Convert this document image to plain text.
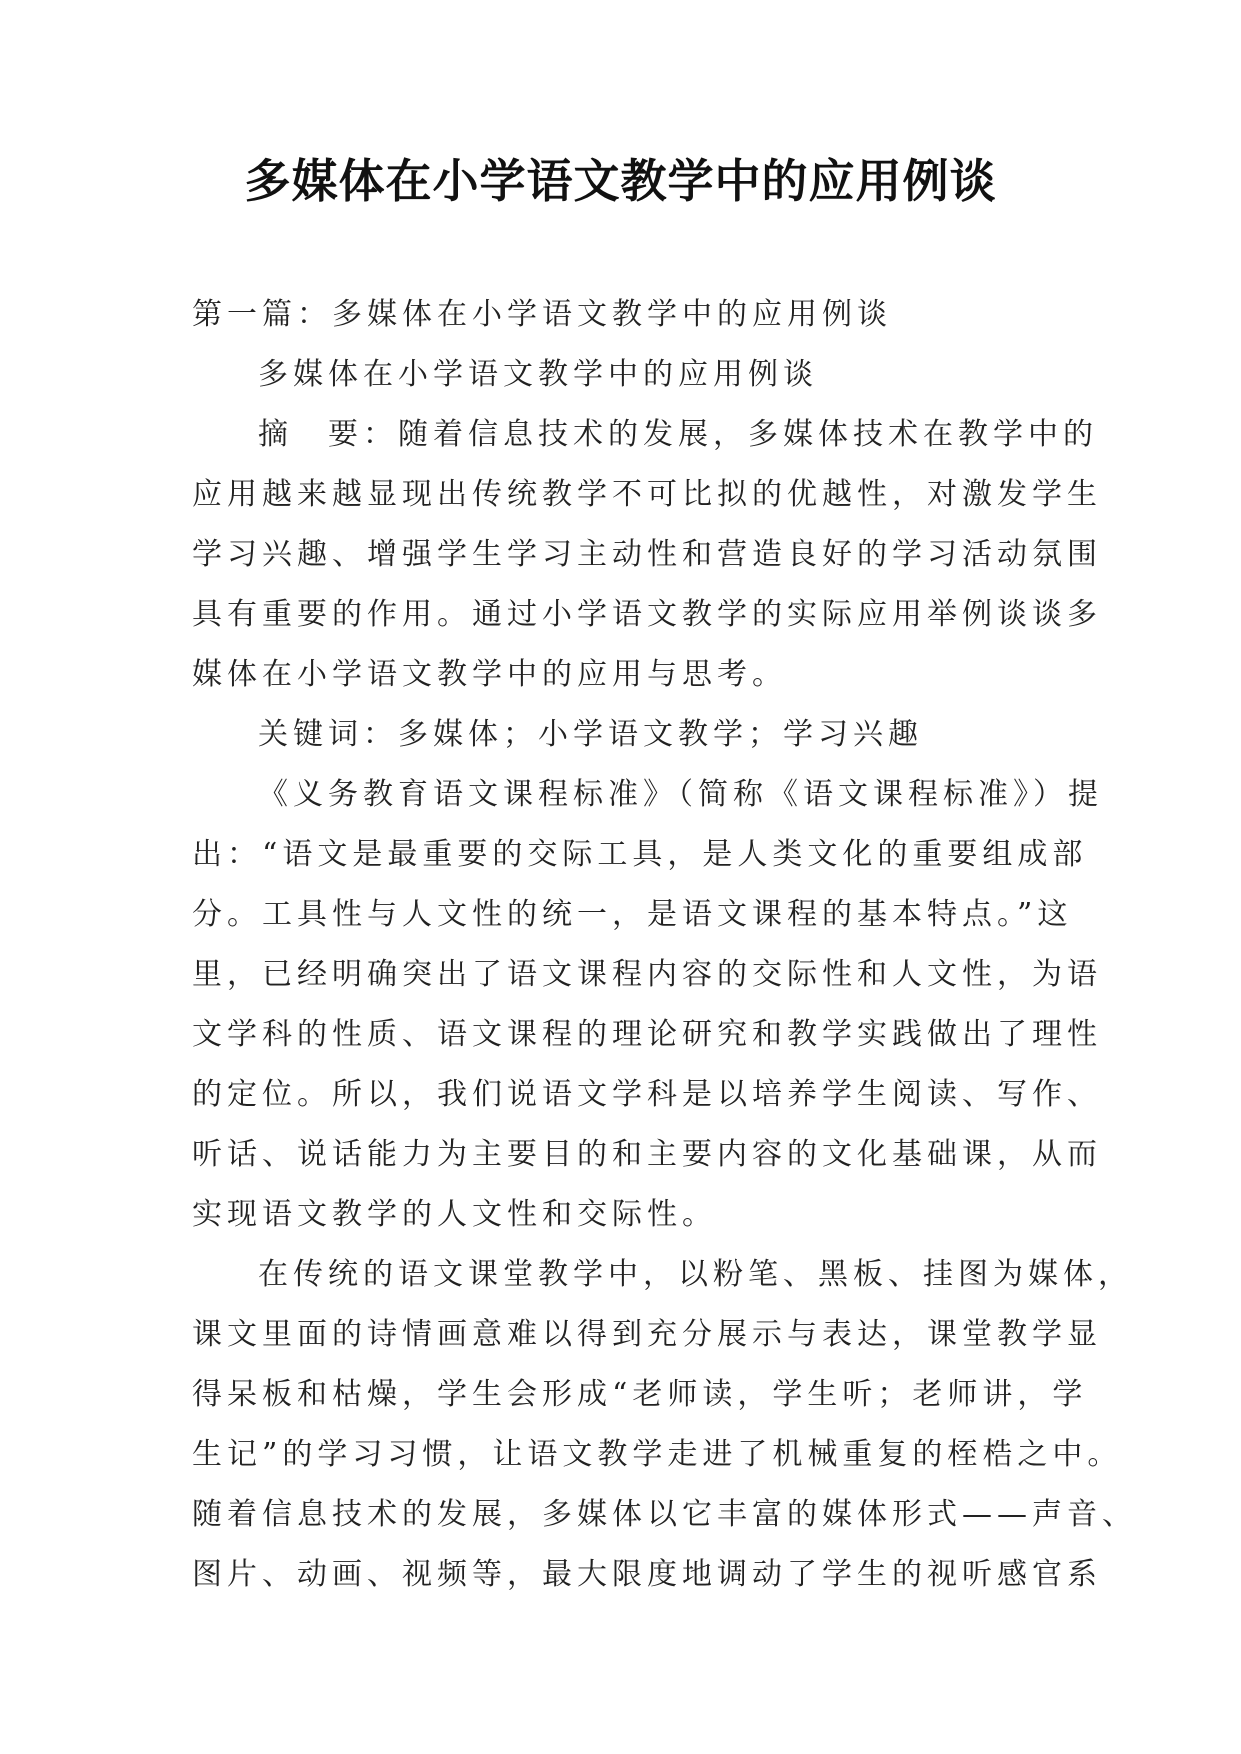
多媒体在小学语文教学中的应用例谈
第一篇：多媒体在小学语文教学中的应用例谈
多媒体在小学语文教学中的应用例谈
摘　要：随着信息技术的发展，多媒体技术在教学中的
应用越来越显现出传统教学不可比拟的优越性，对激发学生
学习兴趣、增强学生学习主动性和营造良好的学习活动氛围
具有重要的作用。通过小学语文教学的实际应用举例谈谈多
媒体在小学语文教学中的应用与思考。
关键词：多媒体；小学语文教学；学习兴趣
《义务教育语文课程标准》（简称《语文课程标准》）提
出：“语文是最重要的交际工具，是人类文化的重要组成部
分。工具性与人文性的统一，是语文课程的基本特点。”这
里，已经明确突出了语文课程内容的交际性和人文性，为语
文学科的性质、语文课程的理论研究和教学实践做出了理性
的定位。所以，我们说语文学科是以培养学生阅读、写作、
听话、说话能力为主要目的和主要内容的文化基础课，从而
实现语文教学的人文性和交际性。
在传统的语文课堂教学中，以粉笔、黑板、挂图为媒体，
课文里面的诗情画意难以得到充分展示与表达，课堂教学显
得呆板和枯燥，学生会形成“老师读，学生听；老师讲，学
生记”的学习习惯，让语文教学走进了机械重复的桎梏之中。
随着信息技术的发展，多媒体以它丰富的媒体形式——声音、
图片、动画、视频等，最大限度地调动了学生的视听感官系
